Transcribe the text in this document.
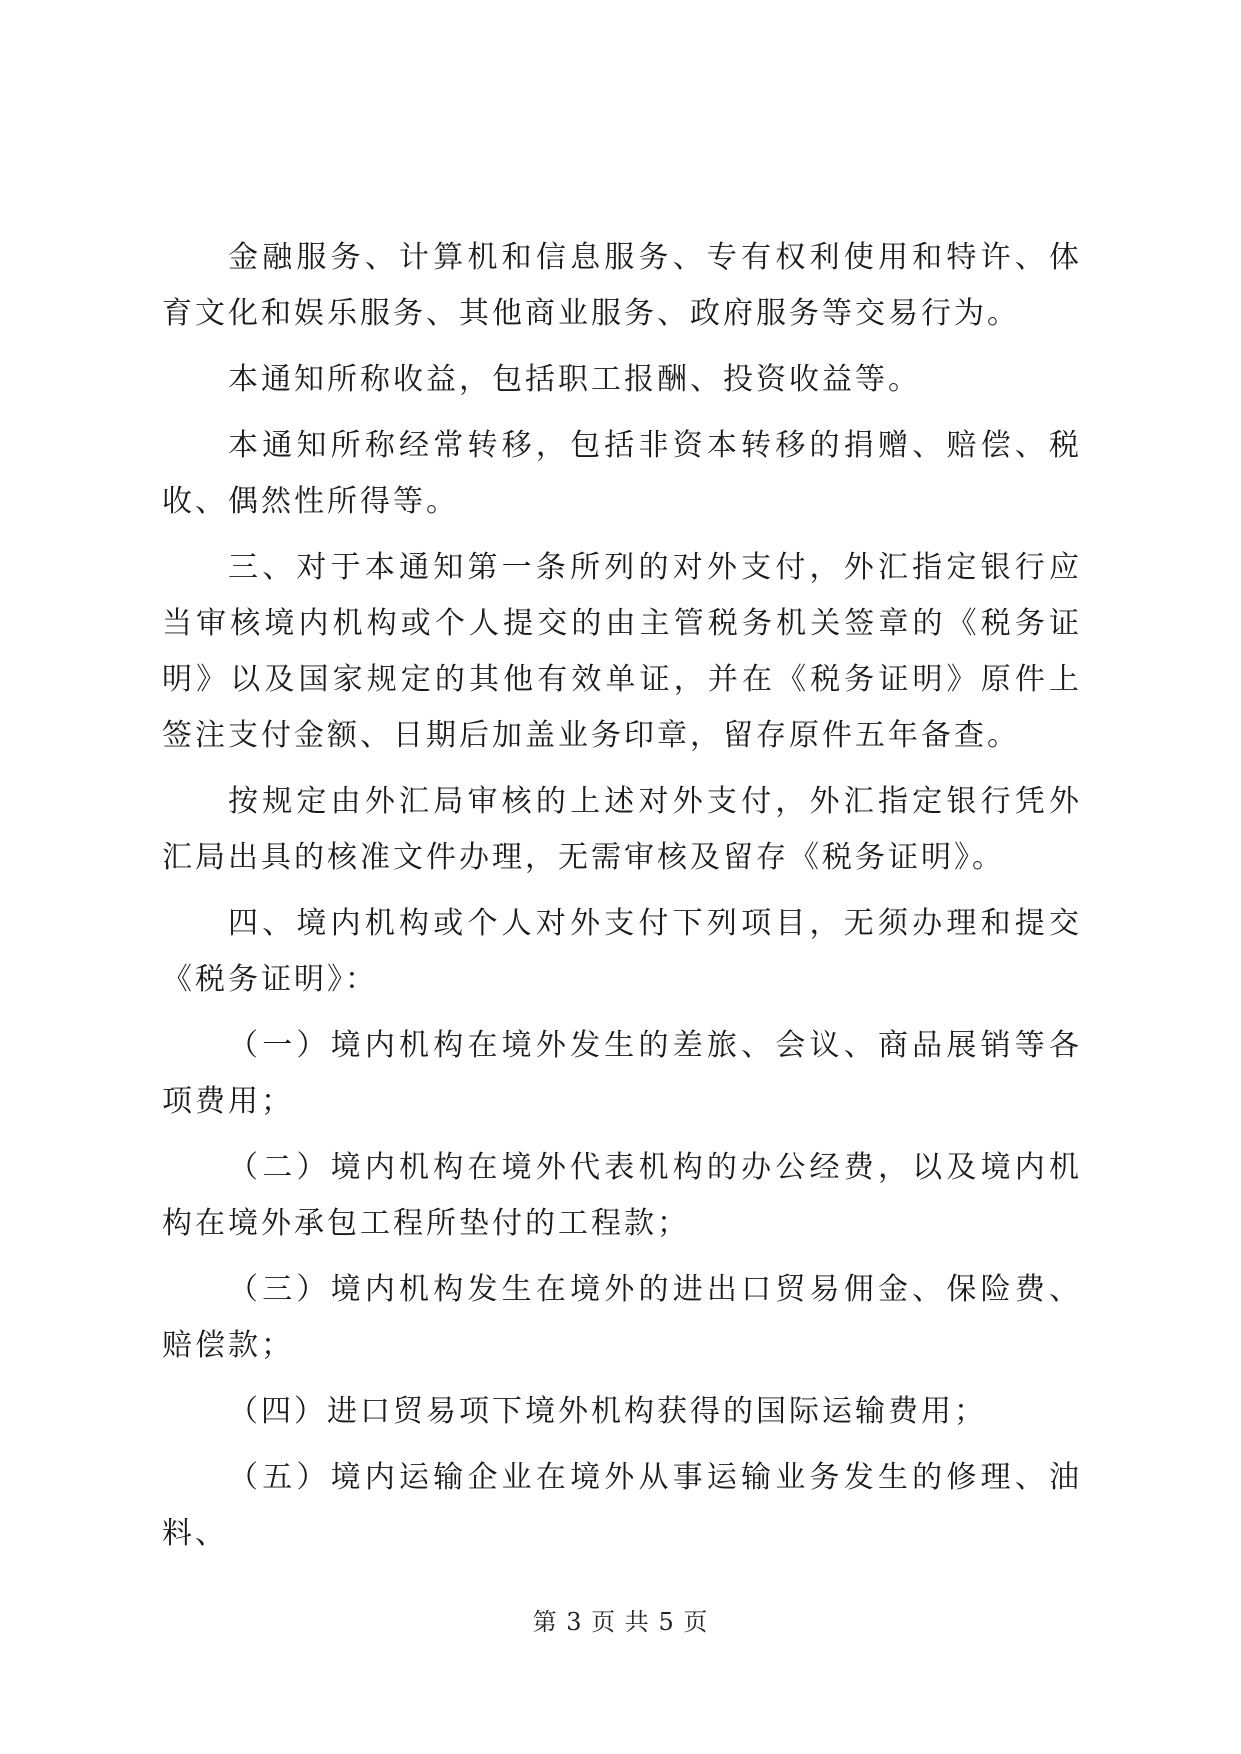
金融服务、计算机和信息服务、专有权利使用和特许、体育文化和娱乐服务、其他商业服务、政府服务等交易行为。

本通知所称收益，包括职工报酬、投资收益等。

本通知所称经常转移，包括非资本转移的捐赠、赔偿、税收、偶然性所得等。

三、对于本通知第一条所列的对外支付，外汇指定银行应当审核境内机构或个人提交的由主管税务机关签章的《税务证明》以及国家规定的其他有效单证，并在《税务证明》原件上签注支付金额、日期后加盖业务印章，留存原件五年备查。

按规定由外汇局审核的上述对外支付，外汇指定银行凭外汇局出具的核准文件办理，无需审核及留存《税务证明》。

四、境内机构或个人对外支付下列项目，无须办理和提交《税务证明》：

（一）境内机构在境外发生的差旅、会议、商品展销等各项费用；

（二）境内机构在境外代表机构的办公经费，以及境内机构在境外承包工程所垫付的工程款；

（三）境内机构发生在境外的进出口贸易佣金、保险费、赔偿款；

（四）进口贸易项下境外机构获得的国际运输费用；

（五）境内运输企业在境外从事运输业务发生的修理、油料、

第 3 页 共 5 页
